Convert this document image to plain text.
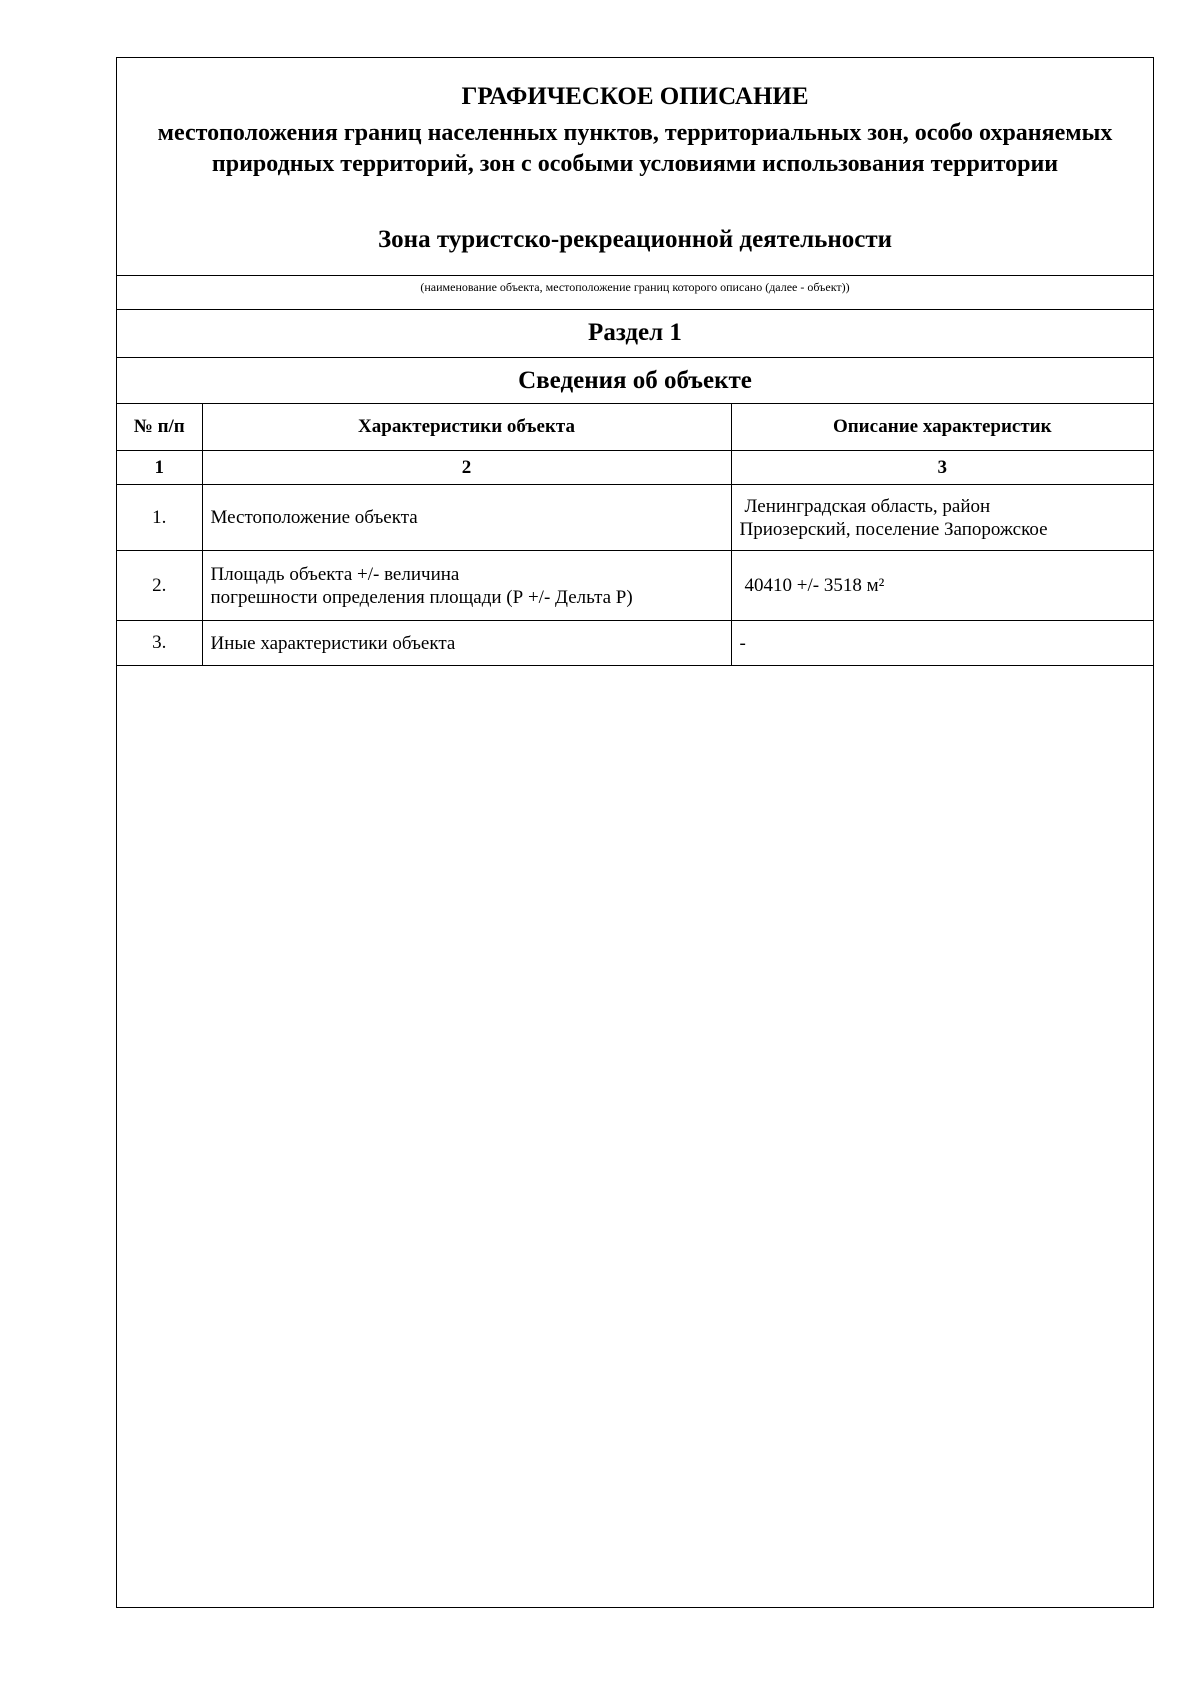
ГРАФИЧЕСКОЕ ОПИСАНИЕ
местоположения границ населенных пунктов, территориальных зон, особо охраняемых природных территорий, зон с особыми условиями использования территории
Зона туристско-рекреационной деятельности
(наименование объекта, местоположение границ которого описано (далее - объект))
Раздел 1
Сведения об объекте
№ п/п	Характеристики объекта	Описание характеристик
1	2	3
1.	Местоположение объекта	Ленинградская область, район
Приозерский, поселение Запорожское

2.	Площадь объекта +/- величина
погрешности определения площади (Р +/- Дельта Р)	40410 +/- 3518 м²

3.	Иные характеристики объекта	-
